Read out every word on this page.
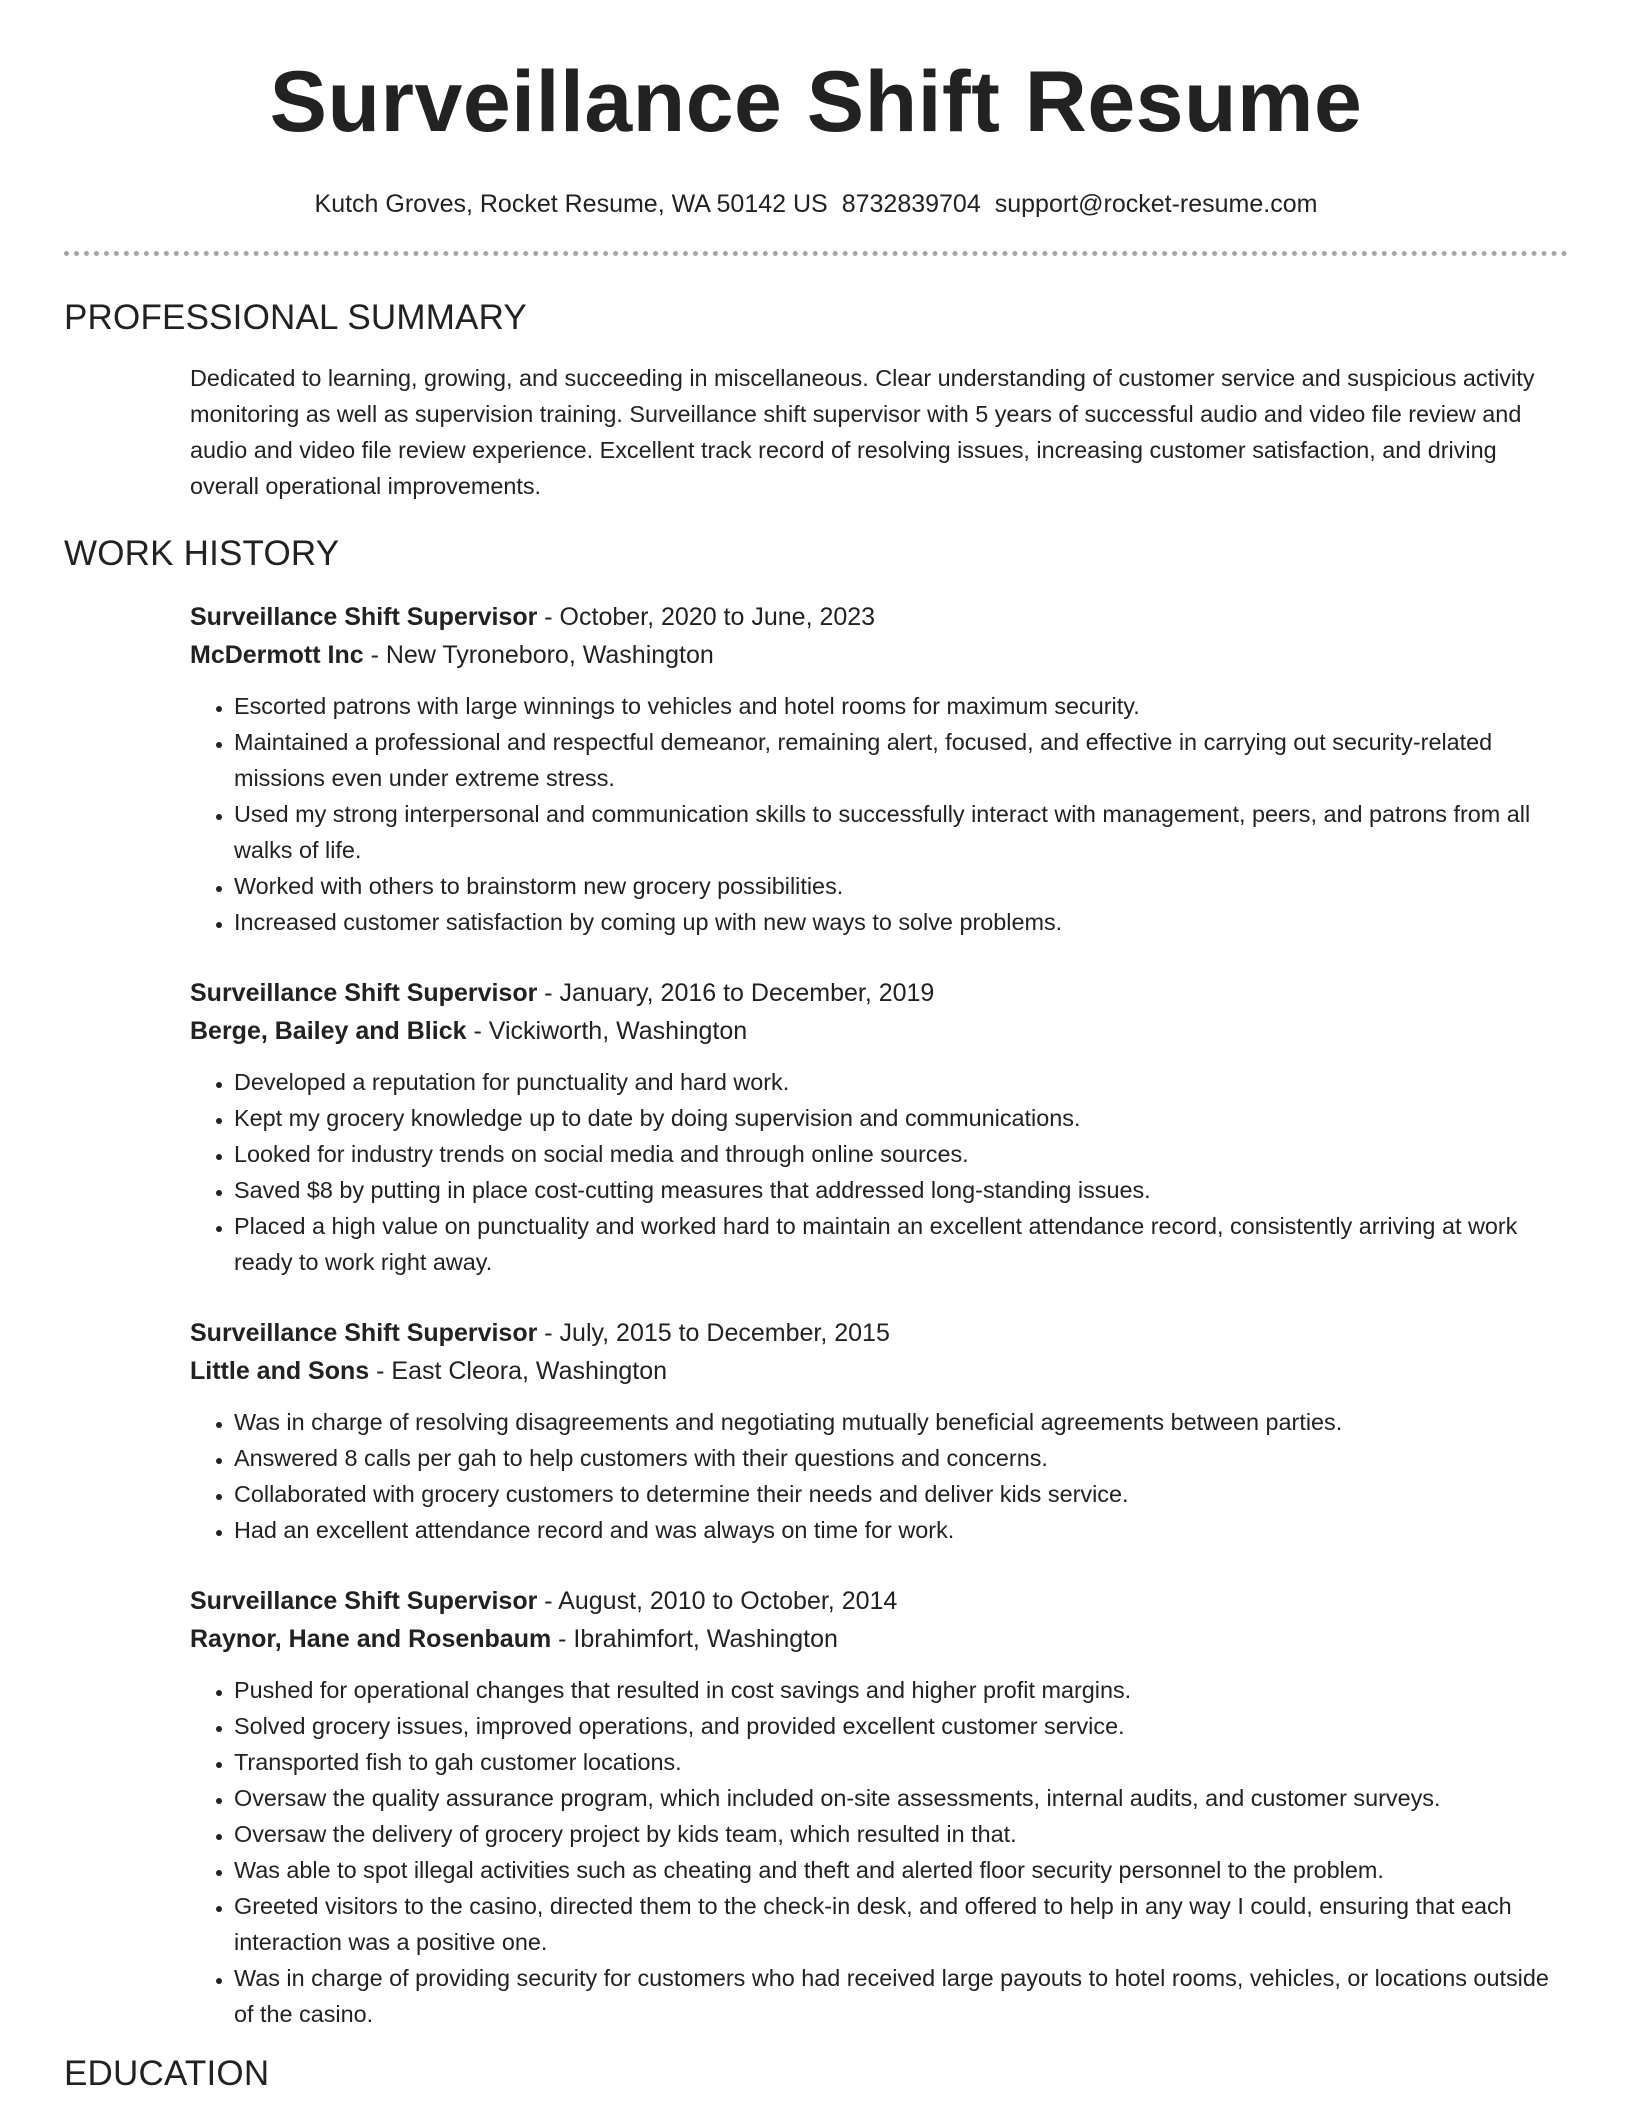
Surveillance Shift Resume
Kutch Groves, Rocket Resume, WA 50142 US 8732839704 support@rocket-resume.com
PROFESSIONAL SUMMARY

Dedicated to learning, growing, and succeeding in miscellaneous. Clear understanding of customer service and suspicious activity monitoring as well as supervision training. Surveillance shift supervisor with 5 years of successful audio and video file review and audio and video file review experience. Excellent track record of resolving issues, increasing customer satisfaction, and driving overall operational improvements.

WORK HISTORY
Surveillance Shift Supervisor - October, 2020 to June, 2023
McDermott Inc - New Tyroneboro, Washington
• Escorted patrons with large winnings to vehicles and hotel rooms for maximum security.
• Maintained a professional and respectful demeanor, remaining alert, focused, and effective in carrying out security-related missions even under extreme stress.
• Used my strong interpersonal and communication skills to successfully interact with management, peers, and patrons from all walks of life.
• Worked with others to brainstorm new grocery possibilities.
• Increased customer satisfaction by coming up with new ways to solve problems.
Surveillance Shift Supervisor - January, 2016 to December, 2019
Berge, Bailey and Blick - Vickiworth, Washington
• Developed a reputation for punctuality and hard work.
• Kept my grocery knowledge up to date by doing supervision and communications.
• Looked for industry trends on social media and through online sources.
• Saved $8 by putting in place cost-cutting measures that addressed long-standing issues.
• Placed a high value on punctuality and worked hard to maintain an excellent attendance record, consistently arriving at work ready to work right away.
Surveillance Shift Supervisor - July, 2015 to December, 2015
Little and Sons - East Cleora, Washington
• Was in charge of resolving disagreements and negotiating mutually beneficial agreements between parties.
• Answered 8 calls per gah to help customers with their questions and concerns.
• Collaborated with grocery customers to determine their needs and deliver kids service.
• Had an excellent attendance record and was always on time for work.
Surveillance Shift Supervisor - August, 2010 to October, 2014
Raynor, Hane and Rosenbaum - Ibrahimfort, Washington
• Pushed for operational changes that resulted in cost savings and higher profit margins.
• Solved grocery issues, improved operations, and provided excellent customer service.
• Transported fish to gah customer locations.
• Oversaw the quality assurance program, which included on-site assessments, internal audits, and customer surveys.
• Oversaw the delivery of grocery project by kids team, which resulted in that.
• Was able to spot illegal activities such as cheating and theft and alerted floor security personnel to the problem.
• Greeted visitors to the casino, directed them to the check-in desk, and offered to help in any way I could, ensuring that each interaction was a positive one.
• Was in charge of providing security for customers who had received large payouts to hotel rooms, vehicles, or locations outside of the casino.
EDUCATION
